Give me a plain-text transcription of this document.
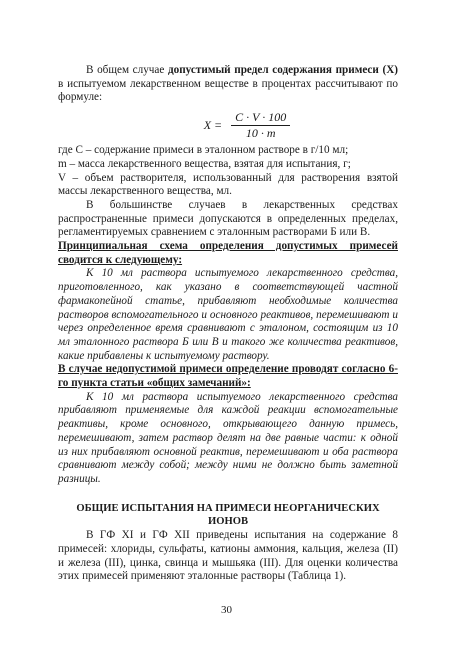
В общем случае допустимый предел содержания примеси (Х) в испытуемом лекарственном веществе в процентах рассчитывают по формуле:

$X = \frac{C \cdot V \cdot 100}{10 \cdot m}$

где С – содержание примеси в эталонном растворе в г/10 мл;

m – масса лекарственного вещества, взятая для испытания, г;

V – объем растворителя, использованный для растворения взятой массы лекарственного вещества, мл.

В большинстве случаев в лекарственных средствах распространенные примеси допускаются в определенных пределах, регламентируемых сравнением с эталонным растворами Б или В.

Принципиальная схема определения допустимых примесей сводится к следующему:

К 10 мл раствора испытуемого лекарственного средства, приготовленного, как указано в соответствующей частной фармакопейной статье, прибавляют необходимые количества растворов вспомогательного и основного реактивов, перемешивают и через определенное время сравнивают с эталоном, состоящим из 10 мл эталонного раствора Б или В и такого же количества реактивов, какие прибавлены к испытуемому раствору.

В случае недопустимой примеси определение проводят согласно 6-го пункта статьи «общих замечаний»:

К 10 мл раствора испытуемого лекарственного средства прибавляют применяемые для каждой реакции вспомогательные реактивы, кроме основного, открывающего данную примесь, перемешивают, затем раствор делят на две равные части: к одной из них прибавляют основной реактив, перемешивают и оба раствора сравнивают между собой; между ними не должно быть заметной разницы.

ОБЩИЕ ИСПЫТАНИЯ НА ПРИМЕСИ НЕОРГАНИЧЕСКИХ ИОНОВ

В ГФ XI и ГФ XII приведены испытания на содержание 8 примесей: хлориды, сульфаты, катионы аммония, кальция, железа (II) и железа (III), цинка, свинца и мышьяка (III). Для оценки количества этих примесей применяют эталонные растворы (Таблица 1).

30
